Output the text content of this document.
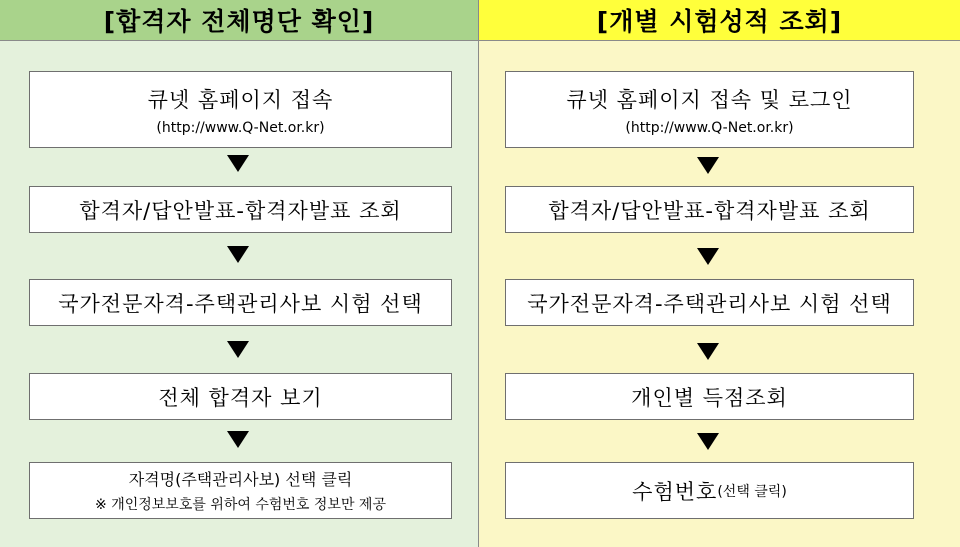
[합격자 전체명단 확인]
큐넷 홈페이지 접속
(http://www.Q-Net.or.kr)
합격자/답안발표-합격자발표 조회
국가전문자격-주택관리사보 시험 선택
전체 합격자 보기
자격명(주택관리사보) 선택 클릭
※ 개인정보보호를 위하여 수험번호 정보만 제공
[개별 시험성적 조회]
큐넷 홈페이지 접속 및 로그인
(http://www.Q-Net.or.kr)
합격자/답안발표-합격자발표 조회
국가전문자격-주택관리사보 시험 선택
개인별 득점조회
수험번호 (선택 클릭)
